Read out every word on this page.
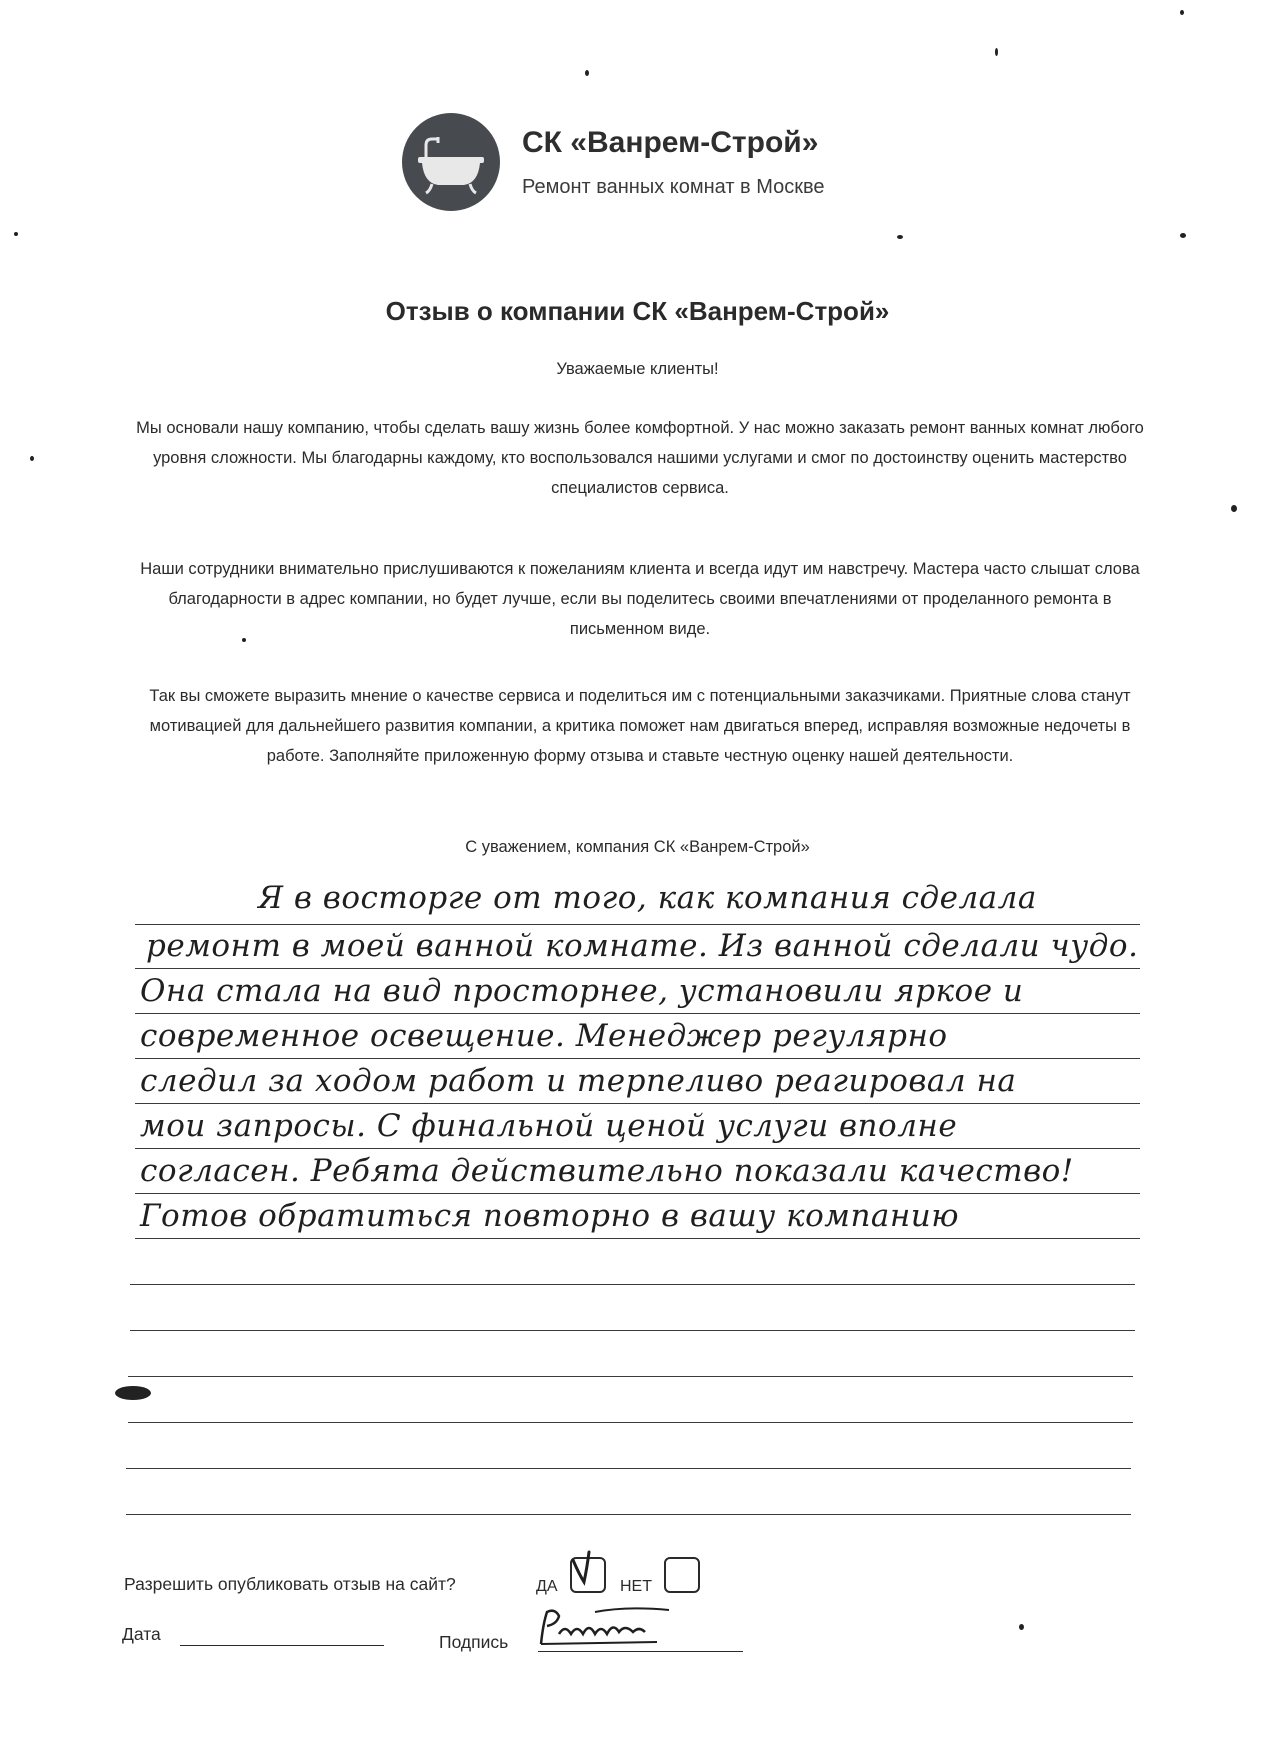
СК «Ванрем-Строй»
Ремонт ванных комнат в Москве
Отзыв о компании СК «Ванрем-Строй»
Уважаемые клиенты!

Мы основали нашу компанию, чтобы сделать вашу жизнь более комфортной. У нас можно заказать ремонт ванных комнат любого уровня сложности. Мы благодарны каждому, кто воспользовался нашими услугами и смог по достоинству оценить мастерство специалистов сервиса.

Наши сотрудники внимательно прислушиваются к пожеланиям клиента и всегда идут им навстречу. Мастера часто слышат слова благодарности в адрес компании, но будет лучше, если вы поделитесь своими впечатлениями от проделанного ремонта в письменном виде.

Так вы сможете выразить мнение о качестве сервиса и поделиться им с потенциальными заказчиками. Приятные слова станут мотивацией для дальнейшего развития компании, а критика поможет нам двигаться вперед, исправляя возможные недочеты в работе. Заполняйте приложенную форму отзыва и ставьте честную оценку нашей деятельности.

С уважением, компания СК «Ванрем-Строй»
Я в восторге от того, как компания сделала
ремонт в моей ванной комнате. Из ванной сделали чудо.
Она стала на вид просторнее, установили яркое и
современное освещение. Менеджер регулярно
следил за ходом работ и терпеливо реагировал на
мои запросы. С финальной ценой услуги вполне
согласен. Ребята действительно показали качество!
Готов обратиться повторно в вашу компанию
Разрешить опубликовать отзыв на сайт?	ДА	НЕТ
Дата	Подпись
